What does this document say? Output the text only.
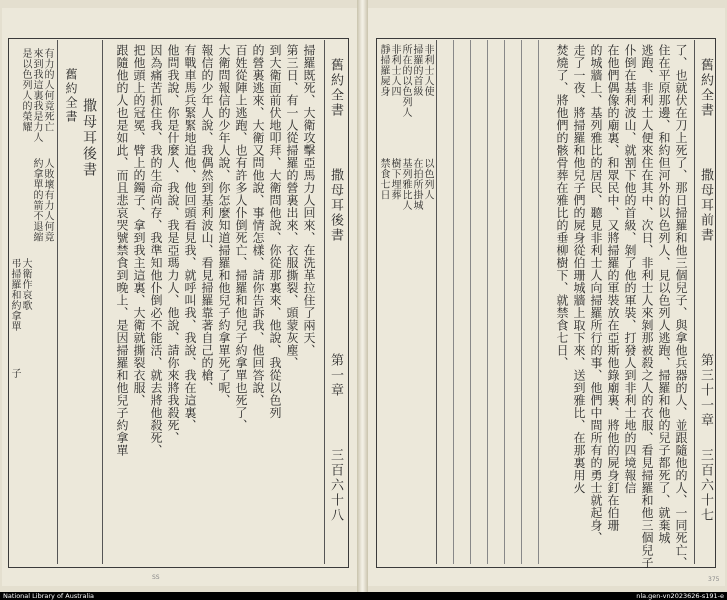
舊約全書
撒母耳後書
第一章
三百六十八
掃羅既死、大衛攻擊亞馬力人回來、在洗革拉住了兩天、
第三日、有一人從掃羅的營裏出來、衣服撕裂、頭蒙灰塵、
到大衛面前伏地叩拜、大衛問他說、你從那裏來、他說、我從以色列
的營裏逃來、大衛又問他說、事情怎樣、請你告訴我、他回答說、
百姓從陣上逃跑、也有許多人仆倒死亡、掃羅和他兒子約拿單也死了、
大衛問報信的少年人說、你怎麼知道掃羅和他兒子約拿單死了呢、
報信的少年人說、我偶然到基利波山、看見掃羅靠著自己的槍、
有戰車馬兵緊緊地追他、他回頭看見我、就呼叫我、我說、我在這裏、
他問我說、你是什麼人、我說、我是亞瑪力人、他說、請你來將我殺死、
因為痛苦抓住我、我的生命尚存、我準知他仆倒必不能活、就去將他殺死、
把他頭上的冠冕、臂上的鐲子、拿到我主這裏、大衛就撕裂衣服、
跟隨他的人也是如此、而且悲哀哭號禁食到晚上、是因掃羅和他兒子約拿單
撒母耳後書
舊約全書
有力的人何竟死亡
來到我這裏我是力人
是以色列人的榮耀
人敗壞有力人何竟
約拿單的箭不退縮
大衛作哀歌
弔掃羅和約拿單
子
SS
舊約全書
撒母耳前書
第三十一章
三百六十七
了、也就伏在刀上死了、那日掃羅和他三個兒子、與拿他兵器的人、並跟隨他的人、一同死亡、
住在平原那邊、和約但河外的以色列人、見以色列人逃跑、掃羅和他的兒子都死了、就棄城
逃跑、非利士人便來住在其中、次日、非利士人來剝那被殺之人的衣服、看見掃羅和他三個兒子
仆倒在基利波山、就割下他的首級、剝了他的軍裝、打發人到非利士地的四境報信
在他們偶像的廟裏、和眾民中、又將掃羅的軍裝放在亞斯他錄廟裏、將他的屍身釘在伯珊
的城牆上、基列雅比的居民、聽見非利士人向掃羅所行的事、他們中間所有的勇士就起身、
走了一夜、將掃羅和他兒子們的屍身從伯珊城牆上取下來、送到雅比、在那裏用火
焚燒了、將他們的骸骨葬在雅比的垂柳樹下、就禁食七日、
非利士人使
掃羅的首級
所在的以色列人
非利士人四
靜掃羅屍身
以色列人
在拍所掛城
基列雅比人
樹下埋葬
禁食七日
375
National Library of Australia	nla.gen-vn2023626-s191-e
